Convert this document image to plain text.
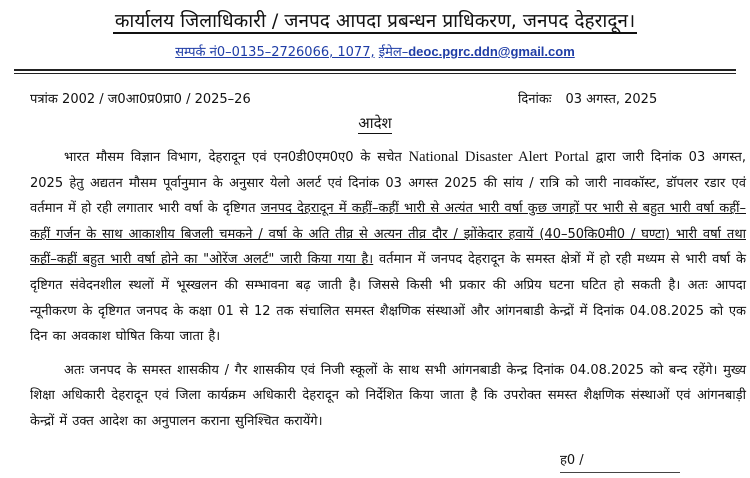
कार्यालय जिलाधिकारी / जनपद आपदा प्रबन्धन प्राधिकरण, जनपद देहरादून।
सम्पर्क नं0–0135–2726066, 1077, ईमेल–deoc.pgrc.ddn@gmail.com
पत्रांक 2002 / ज0आ0प्र0प्रा0 / 2025–26	दिनांकः 03 अगस्त, 2025
आदेश

भारत मौसम विज्ञान विभाग, देहरादून एवं एन0डी0एम0ए0 के सचेत National Disaster Alert Portal द्वारा जारी दिनांक 03 अगस्त, 2025 हेतु अद्यतन मौसम पूर्वानुमान के अनुसार येलो अलर्ट एवं दिनांक 03 अगस्त 2025 की सांय / रात्रि को जारी नावकॉस्ट, डॉपलर रडार एवं वर्तमान में हो रही लगातार भारी वर्षा के दृष्टिगत जनपद देहरादून में कहीं–कहीं भारी से अत्यंत भारी वर्षा कुछ जगहों पर भारी से बहुत भारी वर्षा कहीं–कहीं गर्जन के साथ आकाशीय बिजली चमकने / वर्षा के अति तीव्र से अत्यन तीव्र दौर / झोंकेदार हवायें (40–50कि0मी0 / घण्टा) भारी वर्षा तथा कहीं–कहीं बहुत भारी वर्षा होने का "ओरेंज अलर्ट" जारी किया गया है। वर्तमान में जनपद देहरादून के समस्त क्षेत्रों में हो रही मध्यम से भारी वर्षा के दृष्टिगत संवेदनशील स्थलों में भूस्खलन की सम्भावना बढ़ जाती है। जिससे किसी भी प्रकार की अप्रिय घटना घटित हो सकती है। अतः आपदा न्यूनीकरण के दृष्टिगत जनपद के कक्षा 01 से 12 तक संचालित समस्त शैक्षणिक संस्थाओं और आंगनबाडी केन्द्रों में दिनांक 04.08.2025 को एक दिन का अवकाश घोषित किया जाता है।

अतः जनपद के समस्त शासकीय / गैर शासकीय एवं निजी स्कूलों के साथ सभी आंगनबाडी केन्द्र दिनांक 04.08.2025 को बन्द रहेंगे। मुख्य शिक्षा अधिकारी देहरादून एवं जिला कार्यक्रम अधिकारी देहरादून को निर्देशित किया जाता है कि उपरोक्त समस्त शैक्षणिक संस्थाओं एवं आंगनबाड़ी केन्द्रों में उक्त आदेश का अनुपालन कराना सुनिश्चित करायेंगे।

ह0 /
